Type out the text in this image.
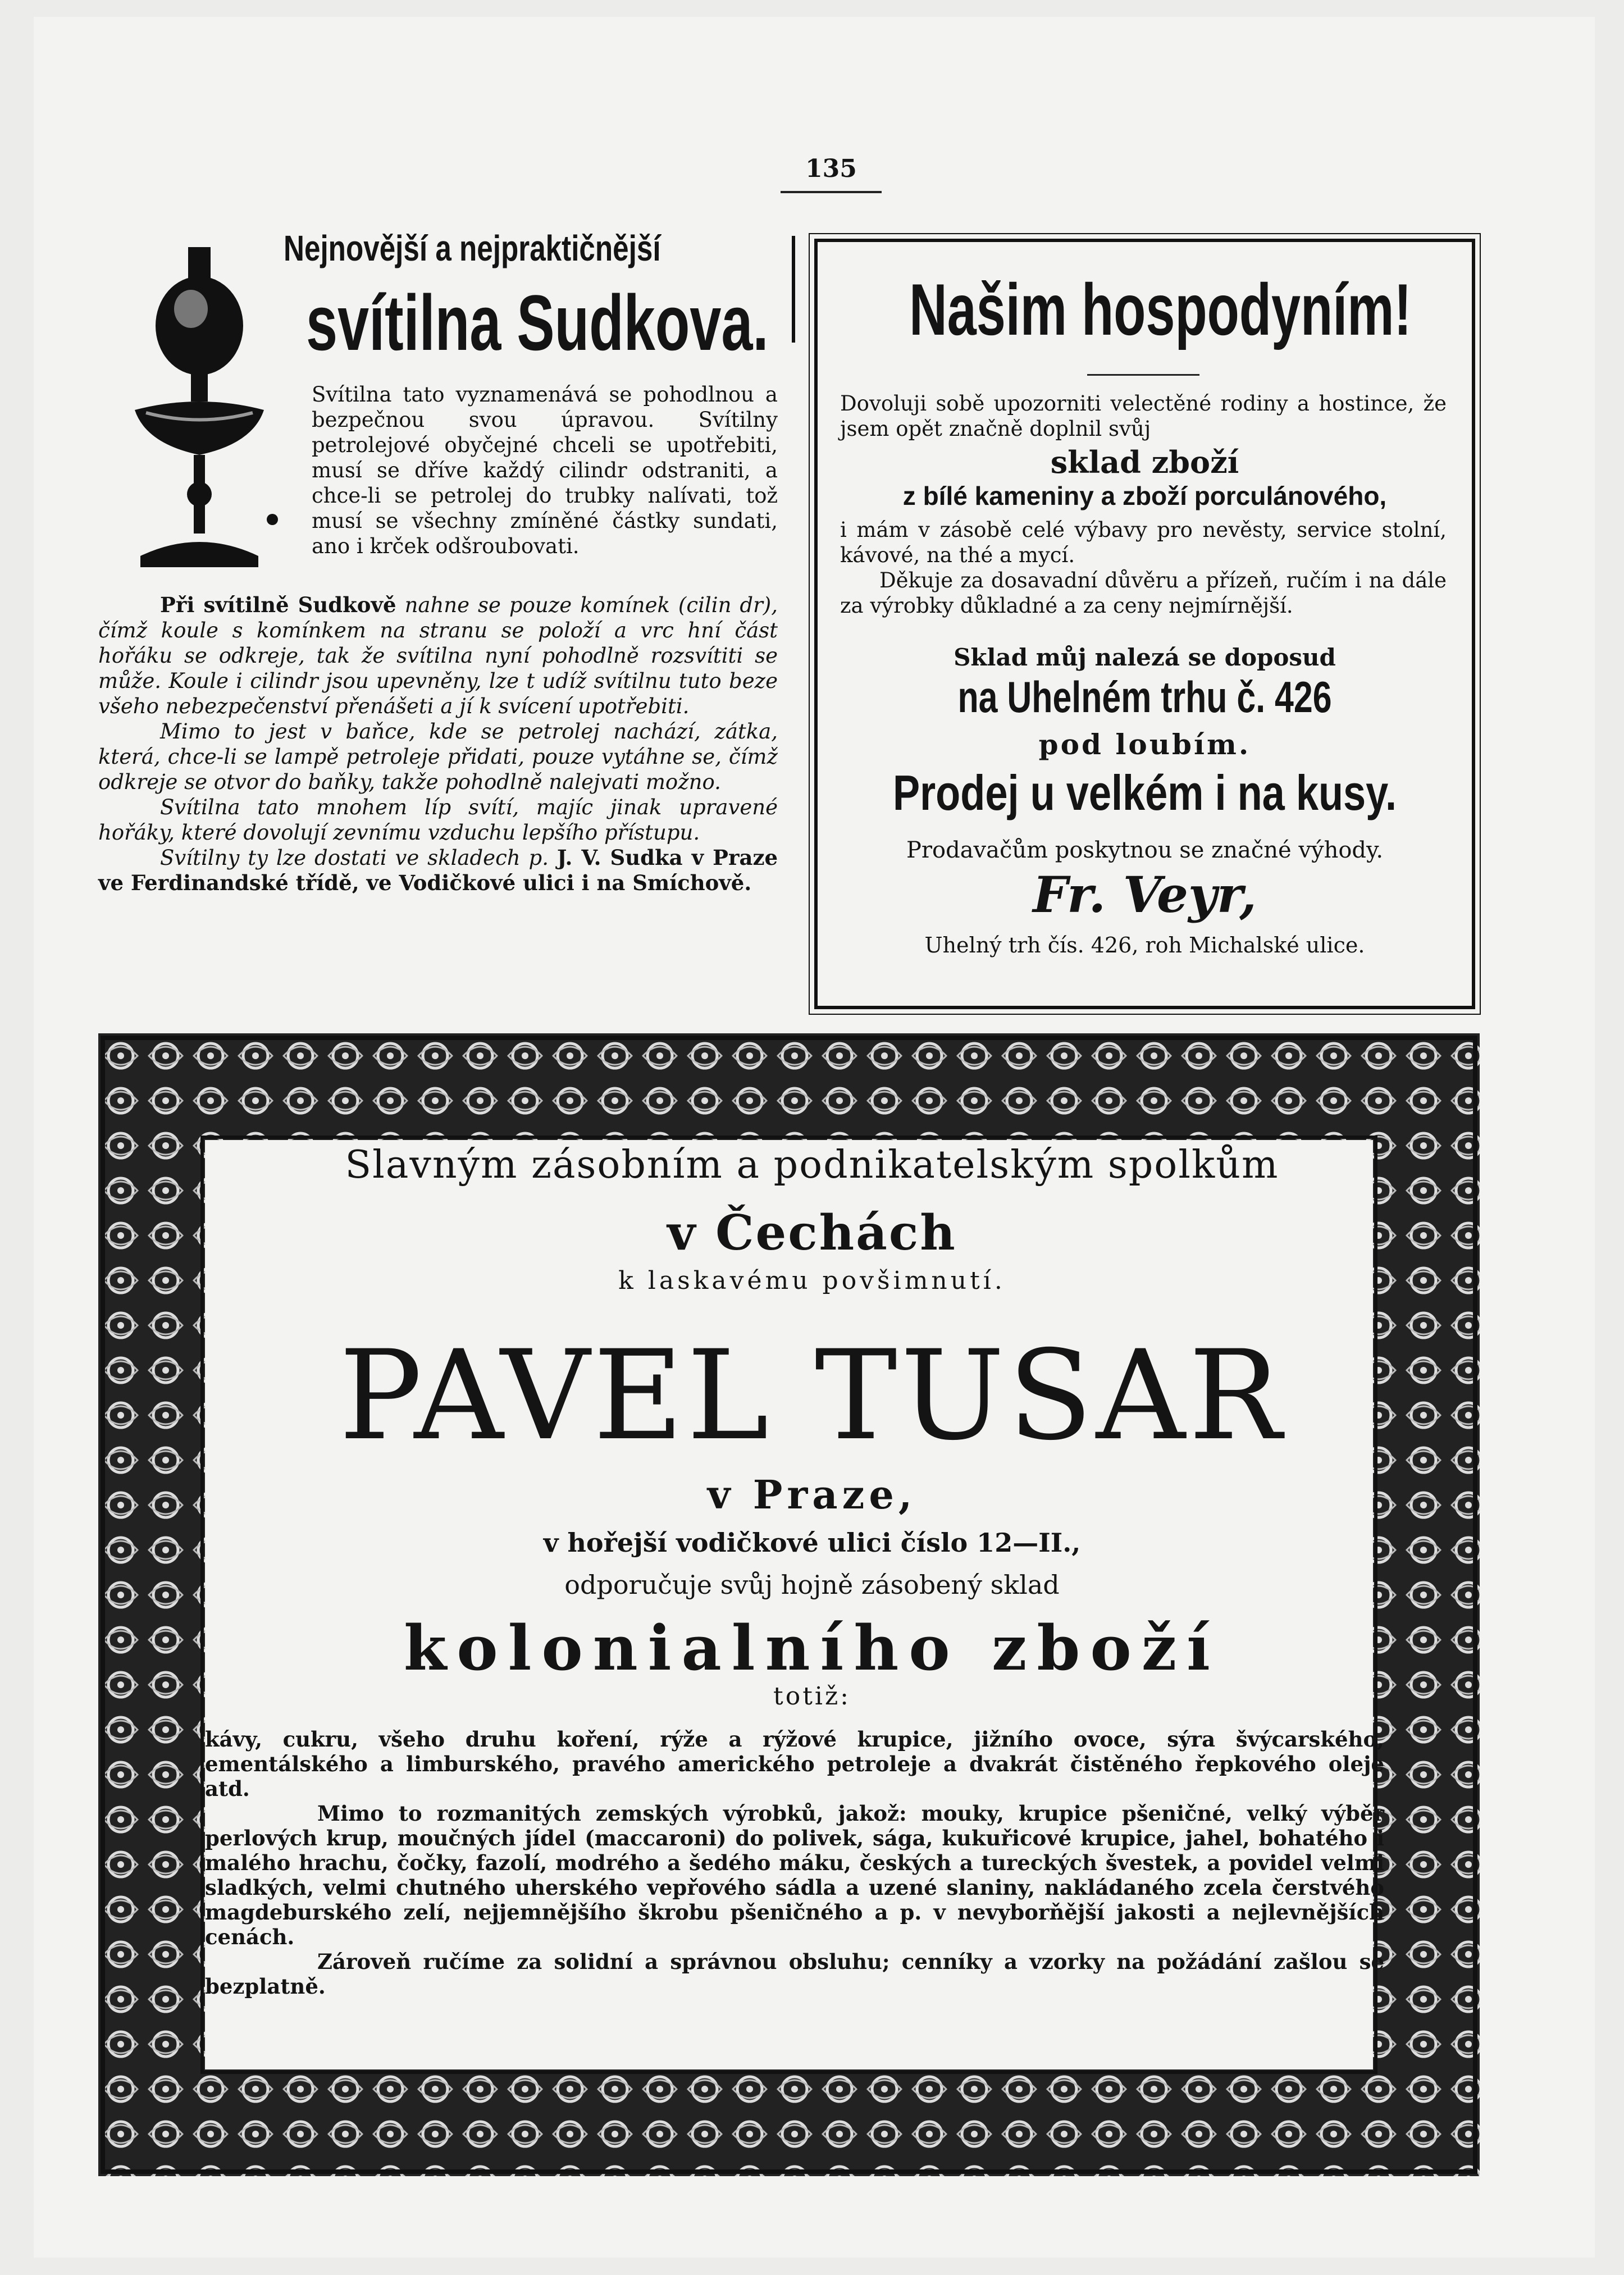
135
Nejnovější a nejpraktičnější
svítilna Sudkova.
Svítilna tato vyznamenává se pohodlnou a bezpečnou svou úpravou. Svítilny petrolejové obyčejné chceli se upotřebiti, musí se dříve každý cilindr odstraniti, a chce-li se petrolej do trubky nalívati, tož musí se všechny zmíněné částky sundati, ano i krček odšroubovati.

Při svítilně Sudkově nahne se pouze komínek (cilin dr), čímž koule s komínkem na stranu se položí a vrc hní část hořáku se odkreje, tak že svítilna nyní pohodlně rozsvítiti se může. Koule i cilindr jsou upevněny, lze t udíž svítilnu tuto beze všeho nebezpečenství přenášeti a jí k svícení upotřebiti.

Mimo to jest v baňce, kde se petrolej nachází, zátka, která, chce-li se lampě petroleje přidati, pouze vytáhne se, čímž odkreje se otvor do baňky, takže pohodlně nalejvati možno.

Svítilna tato mnohem líp svítí, majíc jinak upravené hořáky, které dovolují zevnímu vzduchu lepšího přístupu.

Svítilny ty lze dostati ve skladech p. J. V. Sudka v Praze ve Ferdinandské třídě, ve Vodičkové ulici i na Smíchově.

Našim hospodyním!
Dovoluji sobě upozorniti velectěné rodiny a hostince, že jsem opět značně doplnil svůj
sklad zboží
z bílé kameniny a zboží porculánového,
i mám v zásobě celé výbavy pro nevěsty, service stolní, kávové, na thé a mycí.

Děkuje za dosavadní důvěru a přízeň, ručím i na dále za výrobky důkladné a za ceny nejmírnější.

Sklad můj nalezá se doposud
na Uhelném trhu č. 426
pod loubím.
Prodej u velkém i na kusy.
Prodavačům poskytnou se značné výhody.
Fr. Veyr,
Uhelný trh čís. 426, roh Michalské ulice.
Slavným zásobním a podnikatelským spolkům
v Čechách
k laskavému povšimnutí.
PAVEL TUSAR
v Praze,
v hořejší vodičkové ulici číslo 12—II.,
odporučuje svůj hojně zásobený sklad
kolonialního zboží
totiž:

kávy, cukru, všeho druhu koření, rýže a rýžové krupice, jižního ovoce, sýra švýcarského, ementálského a limburského, pravého amerického petroleje a dvakrát čistěného řepkového oleje atd.

Mimo to rozmanitých zemských výrobků, jakož: mouky, krupice pšeničné, velký výběr perlových krup, moučných jídel (maccaroni) do polivek, sága, kukuřicové krupice, jahel, bohatého i malého hrachu, čočky, fazolí, modrého a šedého máku, českých a tureckých švestek, a povidel velmi sladkých, velmi chutného uherského vepřového sádla a uzené slaniny, nakládaného zcela čerstvého magdeburského zelí, nejjemnějšího škrobu pšeničného a p. v nevyborňější jakosti a nejlevnějších cenách.

Zároveň ručíme za solidní a správnou obsluhu; cenníky a vzorky na požádání zašlou se bezplatně.
